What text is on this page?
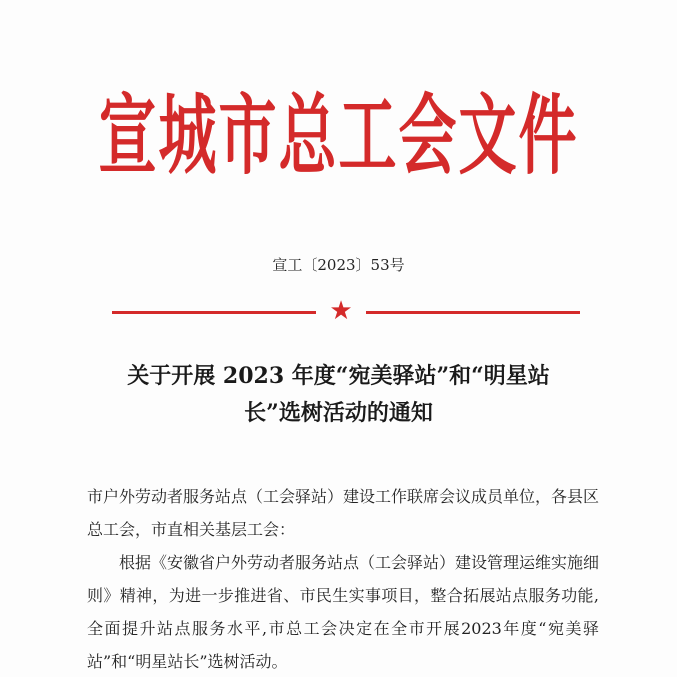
宣城市总工会文件
宣工〔2023〕53号
★
关于开展 2023 年度“宛美驿站”和“明星站
长”选树活动的通知

市户外劳动者服务站点（工会驿站）建设工作联席会议成员单位，各县区总工会，市直相关基层工会：

根据《安徽省户外劳动者服务站点（工会驿站）建设管理运维实施细则》精神，为进一步推进省、市民生实事项目，整合拓展站点服务功能,全面提升站点服务水平,市总工会决定在全市开展2023年度“宛美驿站”和“明星站长”选树活动。
